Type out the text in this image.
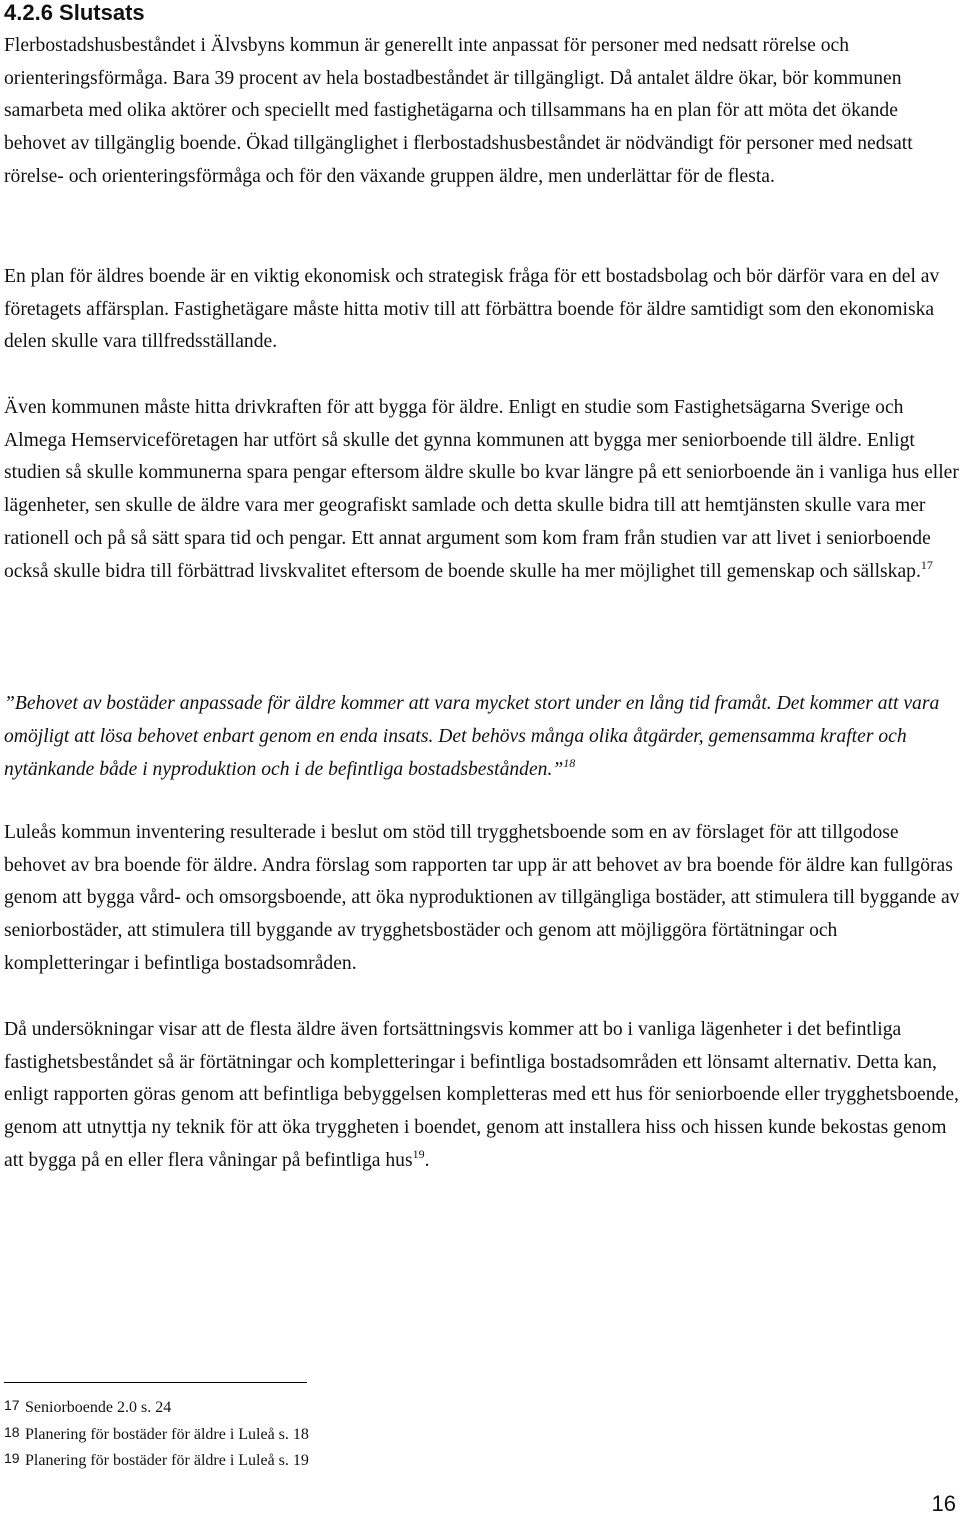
4.2.6 Slutsats

Flerbostadshusbeståndet i Älvsbyns kommun är generellt inte anpassat för personer med nedsatt rörelse och orienteringsförmåga. Bara 39 procent av hela bostadbeståndet är tillgängligt. Då antalet äldre ökar, bör kommunen samarbeta med olika aktörer och speciellt med fastighetägarna och tillsammans ha en plan för att möta det ökande behovet av tillgänglig boende. Ökad tillgänglighet i flerbostadshusbeståndet är nödvändigt för personer med nedsatt rörelse- och orienteringsförmåga och för den växande gruppen äldre, men underlättar för de flesta.

En plan för äldres boende är en viktig ekonomisk och strategisk fråga för ett bostadsbolag och bör därför vara en del av företagets affärsplan. Fastighetägare måste hitta motiv till att förbättra boende för äldre samtidigt som den ekonomiska delen skulle vara tillfredsställande.

Även kommunen måste hitta drivkraften för att bygga för äldre. Enligt en studie som Fastighetsägarna Sverige och Almega Hemserviceföretagen har utfört så skulle det gynna kommunen att bygga mer seniorboende till äldre. Enligt studien så skulle kommunerna spara pengar eftersom äldre skulle bo kvar längre på ett seniorboende än i vanliga hus eller lägenheter, sen skulle de äldre vara mer geografiskt samlade och detta skulle bidra till att hemtjänsten skulle vara mer rationell och på så sätt spara tid och pengar. Ett annat argument som kom fram från studien var att livet i seniorboende också skulle bidra till förbättrad livskvalitet eftersom de boende skulle ha mer möjlighet till gemenskap och sällskap.$^{17}$

”Behovet av bostäder anpassade för äldre kommer att vara mycket stort under en lång tid framåt. Det kommer att vara omöjligt att lösa behovet enbart genom en enda insats. Det behövs många olika åtgärder, gemensamma krafter och nytänkande både i nyproduktion och i de befintliga bostadsbestånden.”$^{18}$

Luleås kommun inventering resulterade i beslut om stöd till trygghetsboende som en av förslaget för att tillgodose behovet av bra boende för äldre. Andra förslag som rapporten tar upp är att behovet av bra boende för äldre kan fullgöras genom att bygga vård- och omsorgsboende, att öka nyproduktionen av tillgängliga bostäder, att stimulera till byggande av seniorbostäder, att stimulera till byggande av trygghetsbostäder och genom att möjliggöra förtätningar och kompletteringar i befintliga bostadsområden.

Då undersökningar visar att de flesta äldre även fortsättningsvis kommer att bo i vanliga lägenheter i det befintliga fastighetsbeståndet så är förtätningar och kompletteringar i befintliga bostadsområden ett lönsamt alternativ. Detta kan, enligt rapporten göras genom att befintliga bebyggelsen kompletteras med ett hus för seniorboende eller trygghetsboende, genom att utnyttja ny teknik för att öka tryggheten i boendet, genom att installera hiss och hissen kunde bekostas genom att bygga på en eller flera våningar på befintliga hus$^{19}$.

17 Seniorboende 2.0 s. 24

18 Planering för bostäder för äldre i Luleå s. 18

19 Planering för bostäder för äldre i Luleå s. 19

16
